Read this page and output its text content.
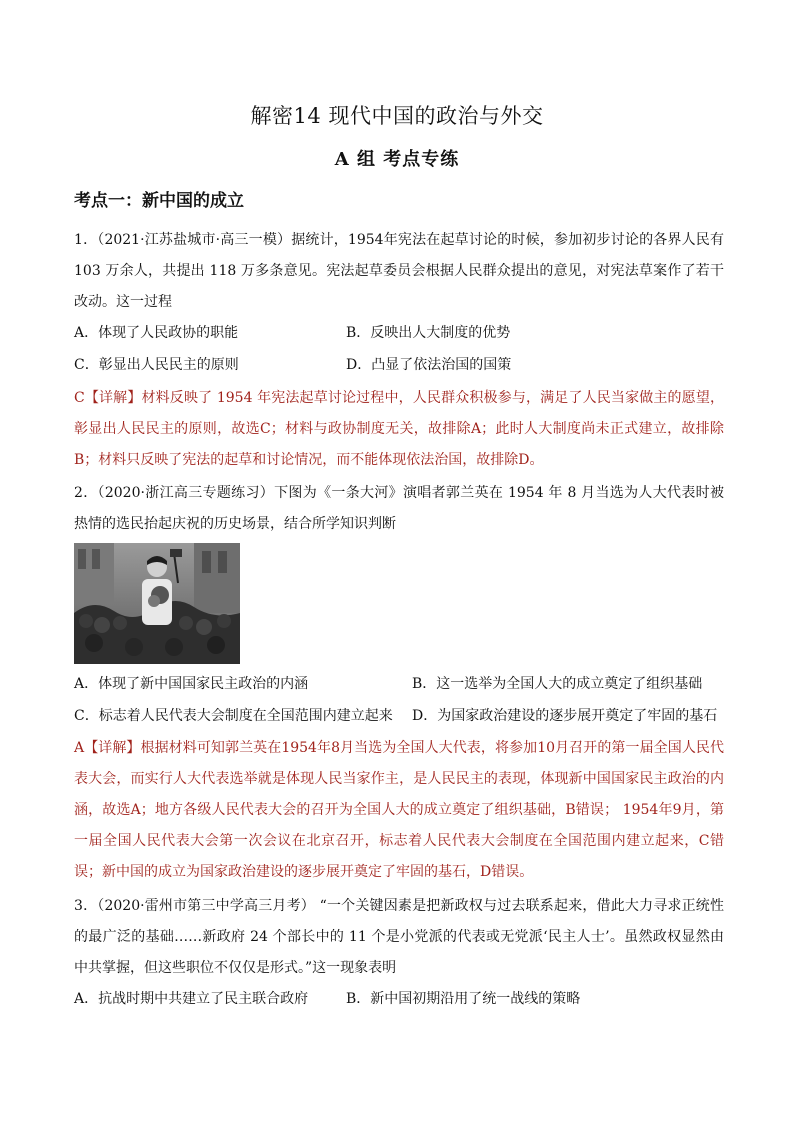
解密14 现代中国的政治与外交
A 组 考点专练
考点一：新中国的成立
1．（2021·江苏盐城市·高三一模）据统计，1954年宪法在起草讨论的时候，参加初步讨论的各界人民有 103 万余人，共提出 118 万多条意见。宪法起草委员会根据人民群众提出的意见，对宪法草案作了若干改动。这一过程
A．体现了人民政协的职能	B．反映出人大制度的优势
C．彰显出人民民主的原则	D．凸显了依法治国的国策
C【详解】材料反映了 1954 年宪法起草讨论过程中，人民群众积极参与，满足了人民当家做主的愿望，彰显出人民民主的原则，故选C；材料与政协制度无关，故排除A；此时人大制度尚未正式建立，故排除B；材料只反映了宪法的起草和讨论情况，而不能体现依法治国，故排除D。
2．（2020·浙江高三专题练习）下图为《一条大河》演唱者郭兰英在 1954 年 8 月当选为人大代表时被热情的选民抬起庆祝的历史场景，结合所学知识判断
A．体现了新中国国家民主政治的内涵	B．这一选举为全国人大的成立奠定了组织基础
C．标志着人民代表大会制度在全国范围内建立起来 D．为国家政治建设的逐步展开奠定了牢固的基石
A【详解】根据材料可知郭兰英在1954年8月当选为全国人大代表，将参加10月召开的第一届全国人民代表大会，而实行人大代表选举就是体现人民当家作主，是人民民主的表现，体现新中国国家民主政治的内涵，故选A；地方各级人民代表大会的召开为全国人大的成立奠定了组织基础，B错误； 1954年9月，第一届全国人民代表大会第一次会议在北京召开，标志着人民代表大会制度在全国范围内建立起来，C错误；新中国的成立为国家政治建设的逐步展开奠定了牢固的基石，D错误。
3．（2020·雷州市第三中学高三月考） “一个关键因素是把新政权与过去联系起来，借此大力寻求正统性的最广泛的基础……新政府 24 个部长中的 11 个是小党派的代表或无党派‘民主人士’。虽然政权显然由中共掌握，但这些职位不仅仅是形式。”这一现象表明
A．抗战时期中共建立了民主联合政府	B．新中国初期沿用了统一战线的策略
